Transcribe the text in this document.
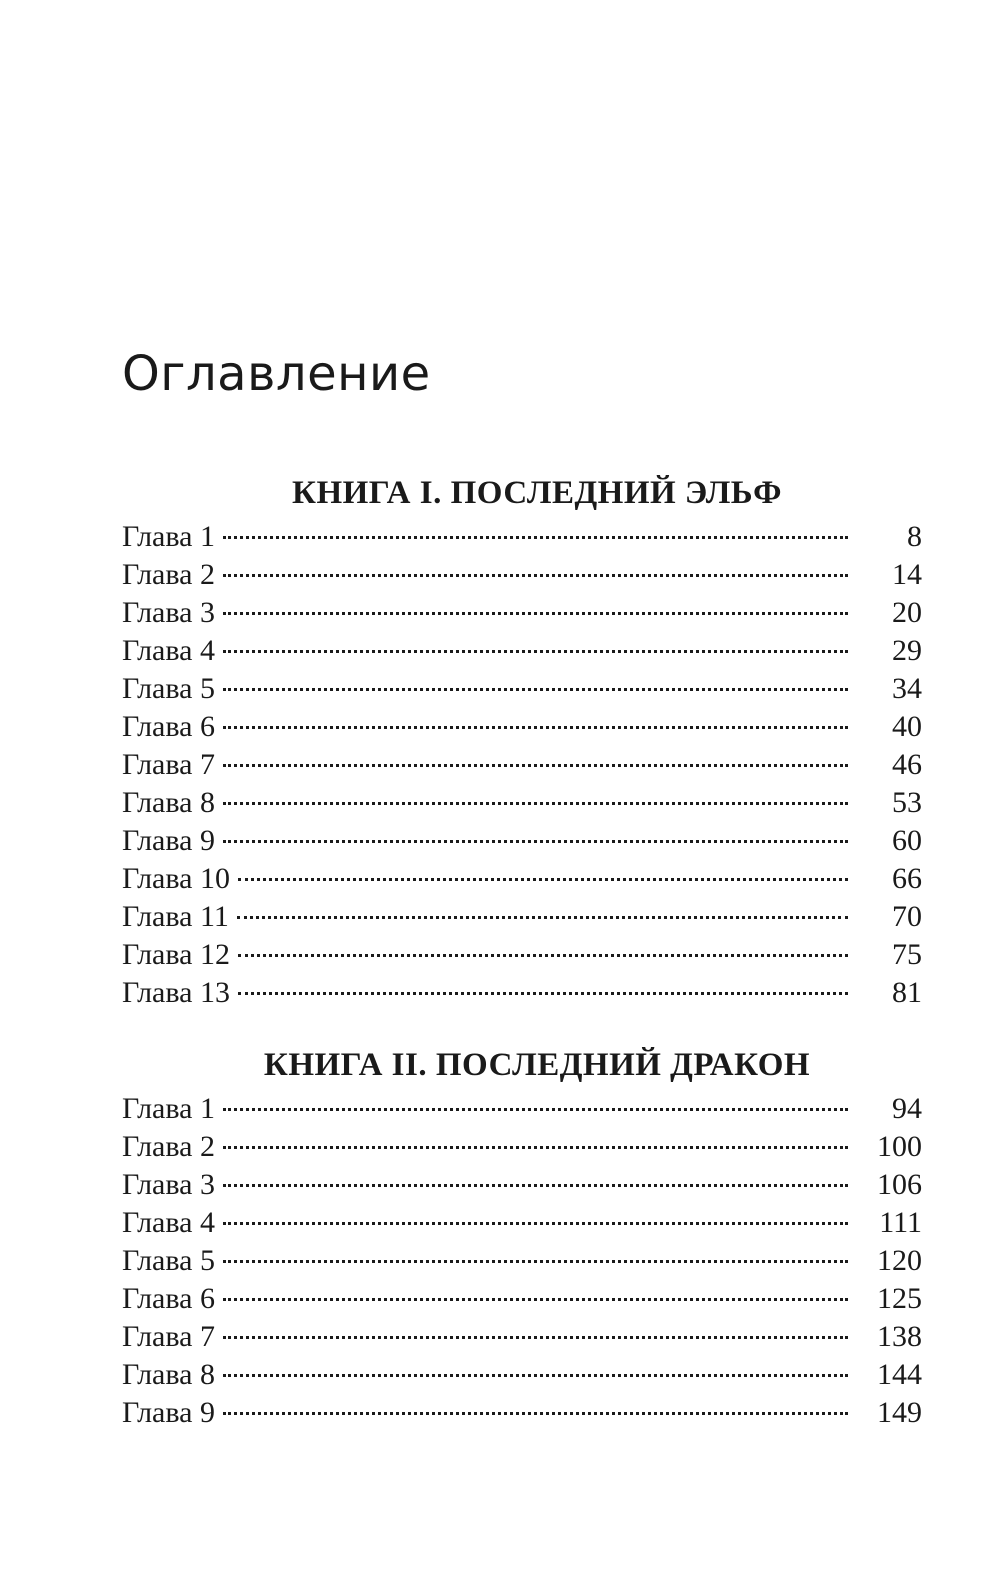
Оглавление
КНИГА I. ПОСЛЕДНИЙ ЭЛЬФ
Глава 1	8
Глава 2	14
Глава 3	20
Глава 4	29
Глава 5	34
Глава 6	40
Глава 7	46
Глава 8	53
Глава 9	60
Глава 10	66
Глава 11	70
Глава 12	75
Глава 13	81
КНИГА II. ПОСЛЕДНИЙ ДРАКОН
Глава 1	94
Глава 2	100
Глава 3	106
Глава 4	111
Глава 5	120
Глава 6	125
Глава 7	138
Глава 8	144
Глава 9	149
